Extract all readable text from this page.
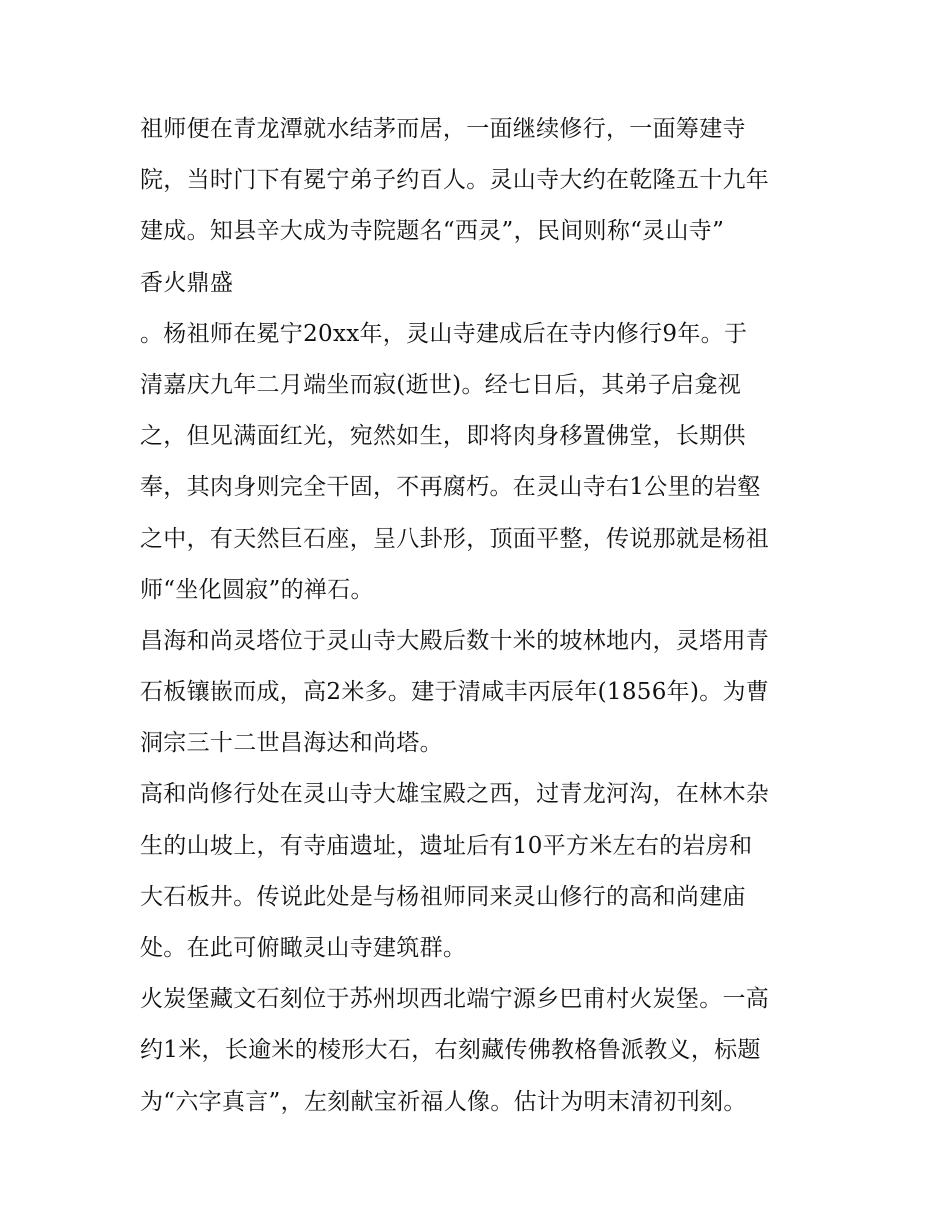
祖师便在青龙潭就水结茅而居，一面继续修行，一面筹建寺
院，当时门下有冕宁弟子约百人。灵山寺大约在乾隆五十九年
建成。知县辛大成为寺院题名“西灵”，民间则称“灵山寺”
香火鼎盛
。杨祖师在冕宁20xx年，灵山寺建成后在寺内修行9年。于
清嘉庆九年二月端坐而寂(逝世)。经七日后，其弟子启龛视
之，但见满面红光，宛然如生，即将肉身移置佛堂，长期供
奉，其肉身则完全干固，不再腐朽。在灵山寺右1公里的岩壑
之中，有天然巨石座，呈八卦形，顶面平整，传说那就是杨祖
师“坐化圆寂”的禅石。
昌海和尚灵塔位于灵山寺大殿后数十米的坡林地内，灵塔用青
石板镶嵌而成，高2米多。建于清咸丰丙辰年(1856年)。为曹
洞宗三十二世昌海达和尚塔。
高和尚修行处在灵山寺大雄宝殿之西，过青龙河沟，在林木杂
生的山坡上，有寺庙遗址，遗址后有10平方米左右的岩房和
大石板井。传说此处是与杨祖师同来灵山修行的高和尚建庙
处。在此可俯瞰灵山寺建筑群。
火炭堡藏文石刻位于苏州坝西北端宁源乡巴甫村火炭堡。一高
约1米，长逾米的棱形大石，右刻藏传佛教格鲁派教义，标题
为“六字真言”，左刻献宝祈福人像。估计为明末清初刊刻。
